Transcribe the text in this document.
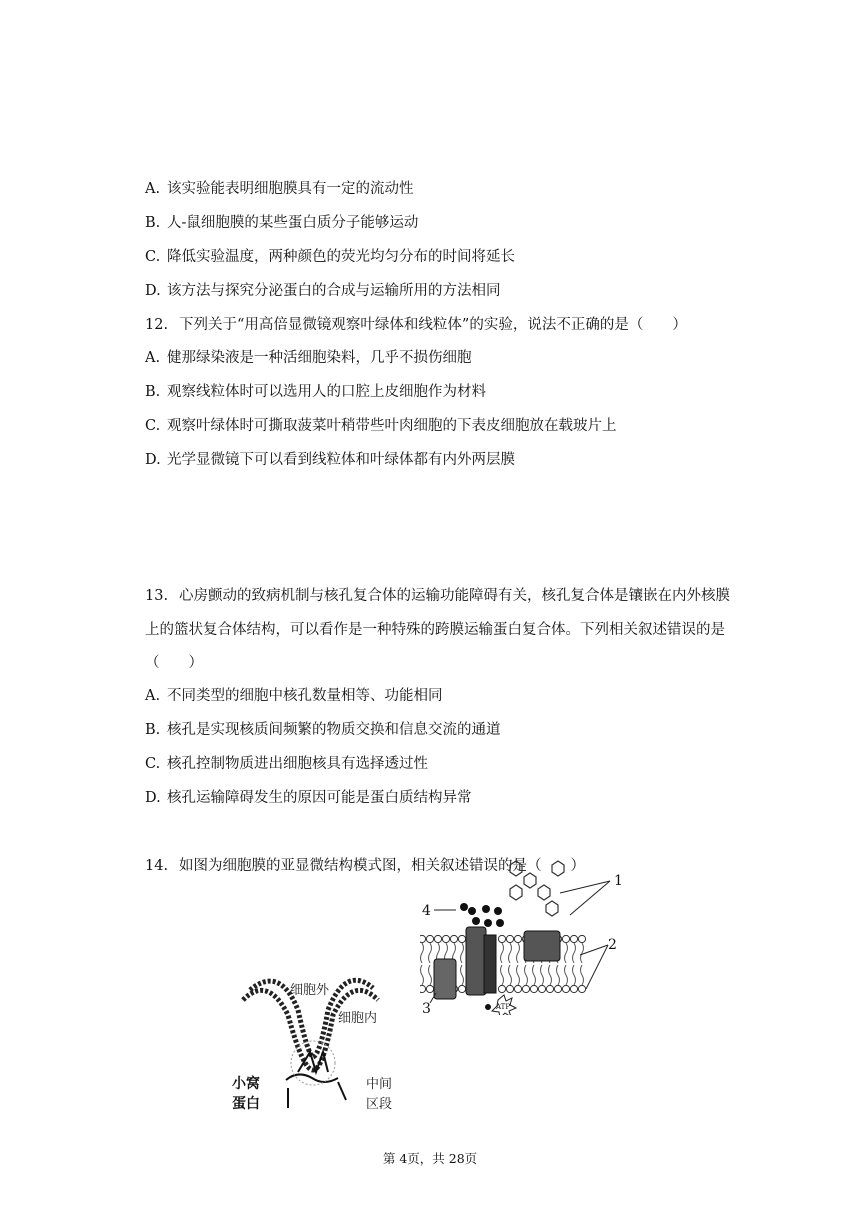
A. 该实验能表明细胞膜具有一定的流动性
B. 人-鼠细胞膜的某些蛋白质分子能够运动
C. 降低实验温度，两种颜色的荧光均匀分布的时间将延长
D. 该方法与探究分泌蛋白的合成与运输所用的方法相同
12. 下列关于“用高倍显微镜观察叶绿体和线粒体”的实验，说法不正确的是（　　）
A. 健那绿染液是一种活细胞染料，几乎不损伤细胞
B. 观察线粒体时可以选用人的口腔上皮细胞作为材料
C. 观察叶绿体时可撕取菠菜叶稍带些叶肉细胞的下表皮细胞放在载玻片上
D. 光学显微镜下可以看到线粒体和叶绿体都有内外两层膜
13. 心房颤动的致病机制与核孔复合体的运输功能障碍有关，核孔复合体是镶嵌在内外核膜
上的篮状复合体结构，可以看作是一种特殊的跨膜运输蛋白复合体。下列相关叙述错误的是
（　　）
A. 不同类型的细胞中核孔数量相等、功能相同
B. 核孔是实现核质间频繁的物质交换和信息交流的通道
C. 核孔控制物质进出细胞核具有选择透过性
D. 核孔运输障碍发生的原因可能是蛋白质结构异常
14. 如图为细胞膜的亚显微结构模式图，相关叙述错误的是（　　）
细胞外
细胞内
小窝
蛋白
中间
区段
ATP
1
2
3
4
第 4页，共 28页
